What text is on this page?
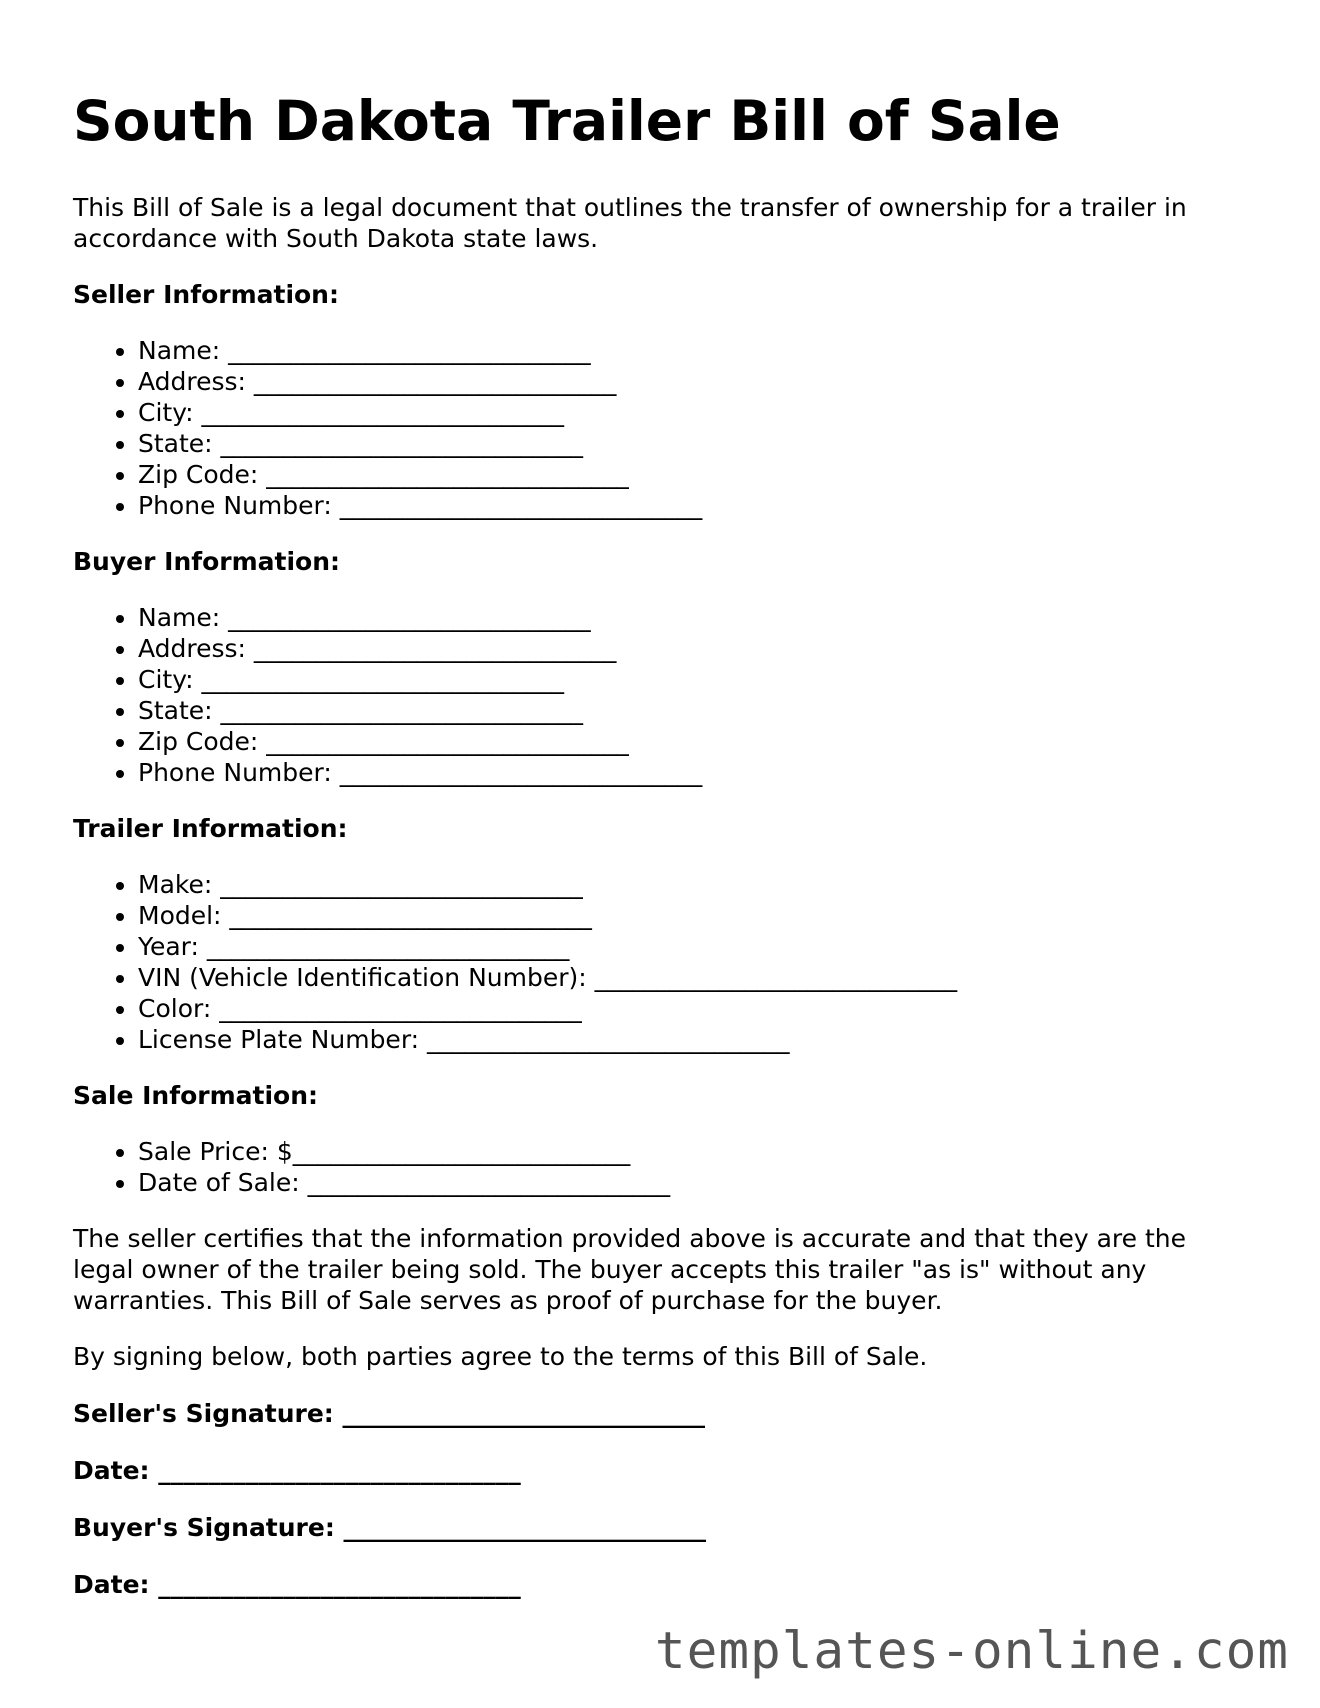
South Dakota Trailer Bill of Sale

This Bill of Sale is a legal document that outlines the transfer of ownership for a trailer in accordance with South Dakota state laws.

Seller Information:
• Name: _____________________________
• Address: _____________________________
• City: _____________________________
• State: _____________________________
• Zip Code: _____________________________
• Phone Number: _____________________________
Buyer Information:
• Name: _____________________________
• Address: _____________________________
• City: _____________________________
• State: _____________________________
• Zip Code: _____________________________
• Phone Number: _____________________________
Trailer Information:
• Make: _____________________________
• Model: _____________________________
• Year: _____________________________
• VIN (Vehicle Identification Number): _____________________________
• Color: _____________________________
• License Plate Number: _____________________________
Sale Information:
• Sale Price: $___________________________
• Date of Sale: _____________________________

The seller certifies that the information provided above is accurate and that they are the legal owner of the trailer being sold. The buyer accepts this trailer "as is" without any warranties. This Bill of Sale serves as proof of purchase for the buyer.

By signing below, both parties agree to the terms of this Bill of Sale.

Seller's Signature: _____________________________
Date: _____________________________
Buyer's Signature: _____________________________
Date: _____________________________
templates-online.com
